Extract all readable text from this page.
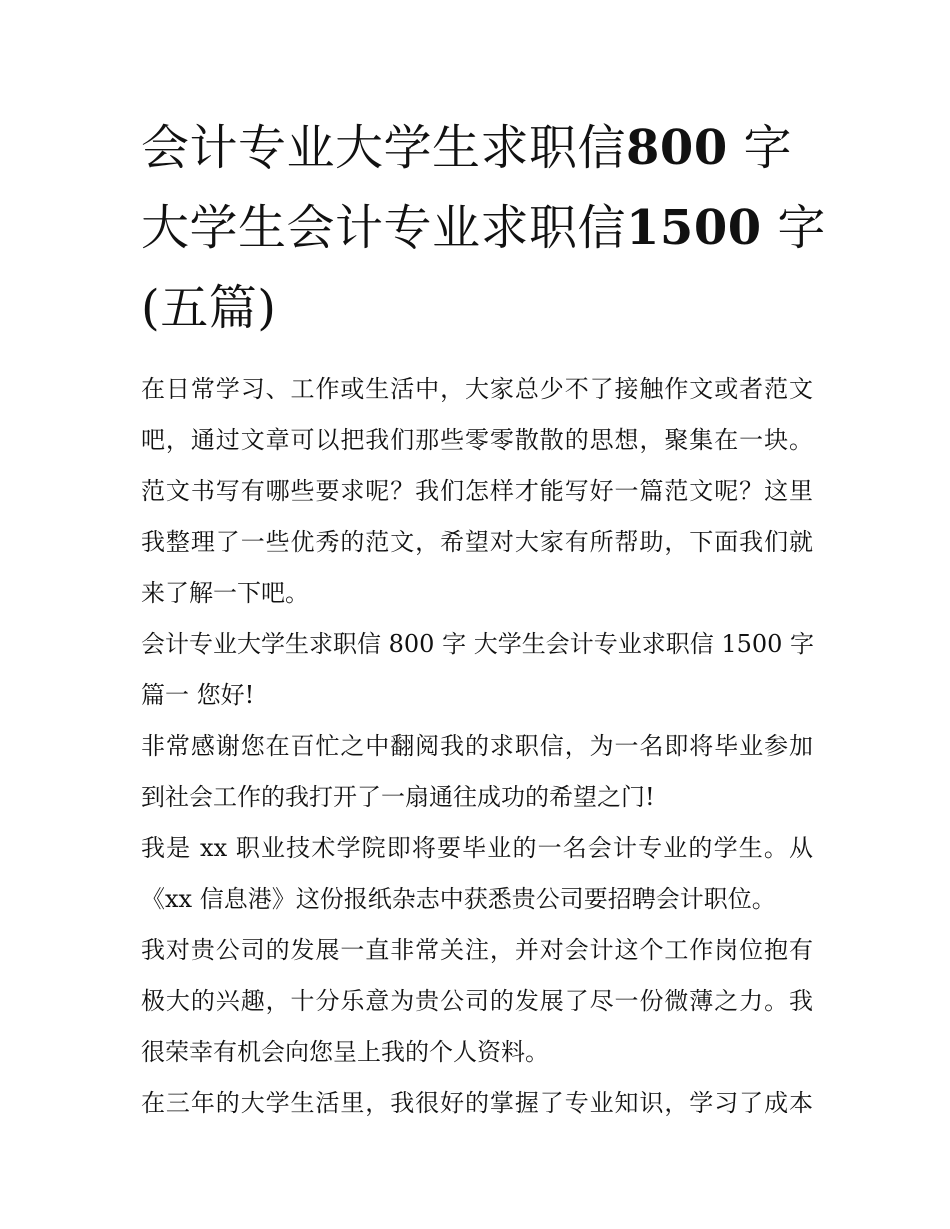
会计专业大学生求职信800 字
大学生会计专业求职信1500 字
(五篇)
在日常学习、工作或生活中，大家总少不了接触作文或者范文
吧，通过文章可以把我们那些零零散散的思想，聚集在一块。
范文书写有哪些要求呢？我们怎样才能写好一篇范文呢？这里
我整理了一些优秀的范文，希望对大家有所帮助，下面我们就
来了解一下吧。
会计专业大学生求职信 800 字 大学生会计专业求职信 1500 字
篇一 您好!
非常感谢您在百忙之中翻阅我的求职信，为一名即将毕业参加
到社会工作的我打开了一扇通往成功的希望之门!
我是 xx 职业技术学院即将要毕业的一名会计专业的学生。从
《xx 信息港》这份报纸杂志中获悉贵公司要招聘会计职位。
我对贵公司的发展一直非常关注，并对会计这个工作岗位抱有
极大的兴趣，十分乐意为贵公司的发展了尽一份微薄之力。我
很荣幸有机会向您呈上我的个人资料。
在三年的大学生活里，我很好的掌握了专业知识，学习了成本
